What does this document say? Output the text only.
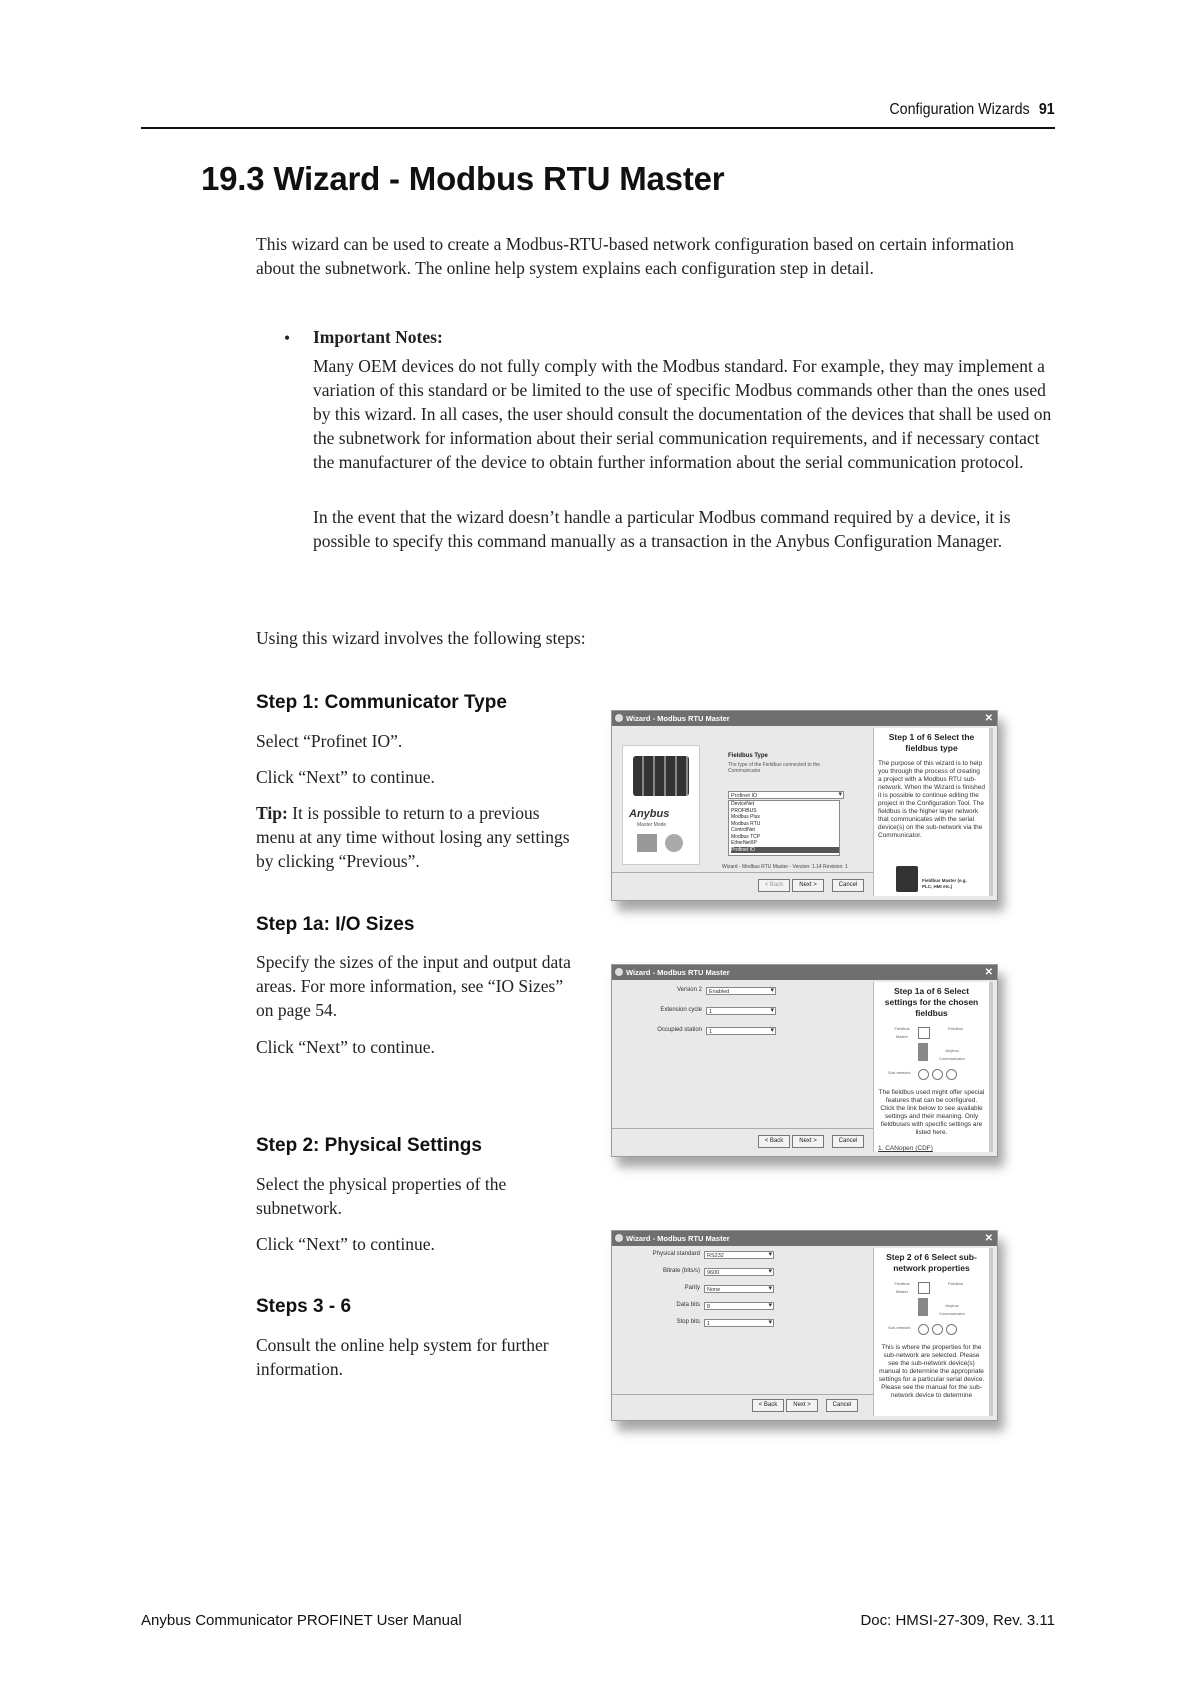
Configuration Wizards 91
19.3 Wizard - Modbus RTU Master
This wizard can be used to create a Modbus-RTU-based network configuration based on certain information about the subnetwork. The online help system explains each configuration step in detail.
• Important Notes:
Many OEM devices do not fully comply with the Modbus standard. For example, they may implement a variation of this standard or be limited to the use of specific Modbus commands other than the ones used by this wizard. In all cases, the user should consult the documentation of the devices that shall be used on the subnetwork for information about their serial communication requirements, and if necessary contact the manufacturer of the device to obtain further information about the serial communication protocol.
In the event that the wizard doesn’t handle a particular Modbus command required by a device, it is possible to specify this command manually as a transaction in the Anybus Configuration Manager.
Using this wizard involves the following steps:
Step 1: Communicator Type
Select “Profinet IO”.
Click “Next” to continue.
Tip: It is possible to return to a previous menu at any time without losing any settings by clicking “Previous”.
Step 1a: I/O Sizes
Specify the sizes of the input and output data areas. For more information, see “IO Sizes” on page 54.
Click “Next” to continue.
Step 2: Physical Settings
Select the physical properties of the subnetwork.
Click “Next” to continue.
Steps 3 - 6
Consult the online help system for further information.
Wizard - Modbus RTU Master	✕
Anybus
Master Mode
Fieldbus Type
The type of the Fieldbus connected to the Communicator
Profinet IO ▾
DeviceNet
PROFIBUS
Modbus Plus
Modbus RTU
ControlNet
Modbus TCP
EtherNet/IP
Profinet IO
Wizard - Modbus RTU Master - Version: 1.14 Revision: 1
< Back	Next >	Cancel
Step 1 of 6 Select the fieldbus type
The purpose of this wizard is to help you through the process of creating a project with a Modbus RTU sub-network. When the Wizard is finished it is possible to continue editing the project in the Configuration Tool. The fieldbus is the higher layer network that communicates with the serial device(s) on the sub-network via the Communicator.
Fieldbus Master (e.g. PLC, HMI etc.)
Wizard - Modbus RTU Master	✕
Version 2	Enabled ▾
Extension cycle	1 ▾
Occupied station	1 ▾
< Back	Next >	Cancel
Step 1a of 6 Select settings for the chosen fieldbus
Fieldbus Master
Fieldbus
Anybus Communicator
Sub-network
The fieldbus used might offer special features that can be configured. Click the link below to see available settings and their meaning. Only fieldbuses with specific settings are listed here.
1. CANopen (CDF)
Wizard - Modbus RTU Master	✕
Physical standard	RS232 ▾
Bitrate (bits/s)	9600 ▾
Parity	None ▾
Data bits	8 ▾
Stop bits	1 ▾
< Back	Next >	Cancel
Step 2 of 6 Select sub-network properties
Fieldbus Master
Fieldbus
Anybus Communicator
Sub-network
This is where the properties for the sub-network are selected. Please see the sub-network device(s) manual to determine the appropriate settings for a particular serial device. Please see the manual for the sub-network device to determine
Anybus Communicator PROFINET User Manual	Doc: HMSI-27-309, Rev. 3.11
